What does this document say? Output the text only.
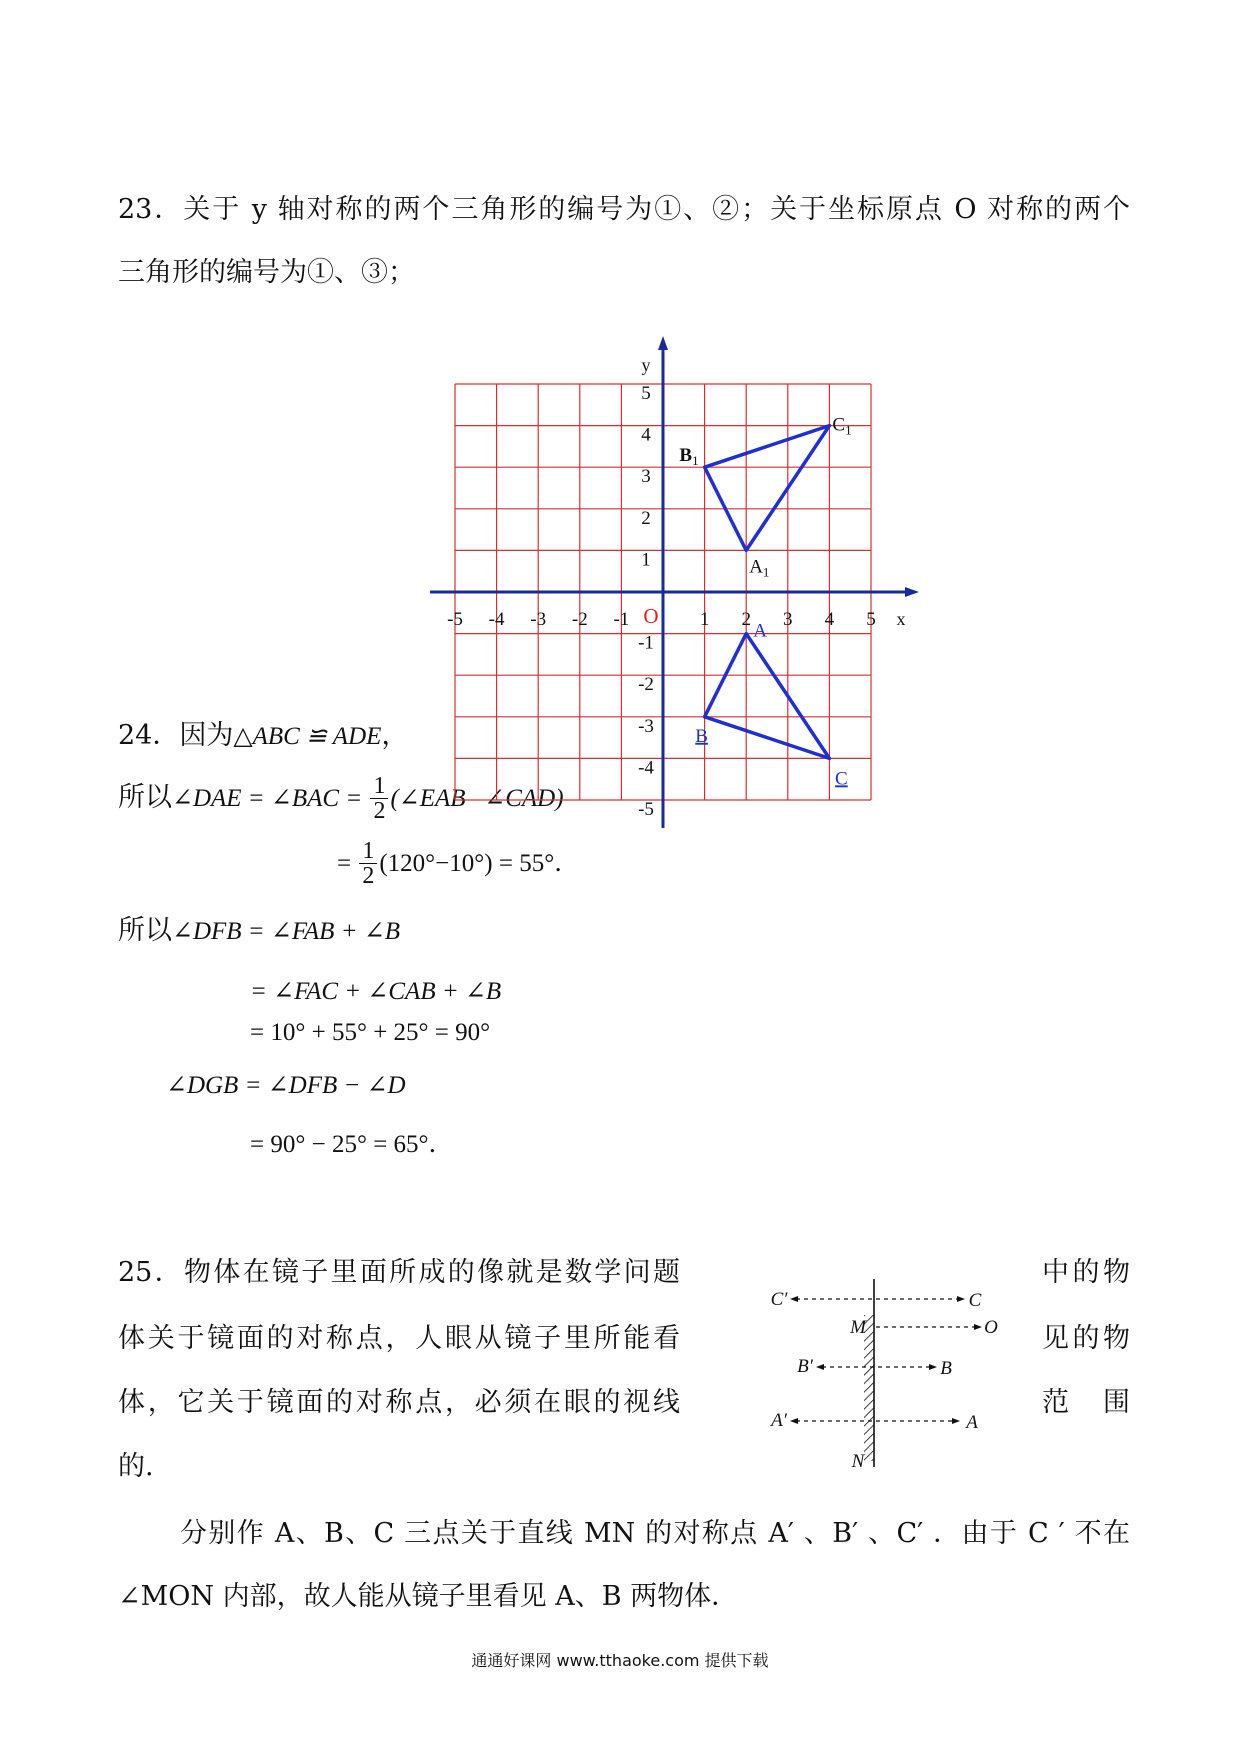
23．关于 y 轴对称的两个三角形的编号为①、②；关于坐标原点 O 对称的两个
三角形的编号为①、③；
24．因为△ABC ≌ ADE，
所以∠DAE = ∠BAC = $\frac{1}{2}$ (∠EAB   ∠CAD)
= $\frac{1}{2} (120^\circ-10^\circ) = 55^\circ$．
所以∠DFB = ∠FAB + ∠B
= ∠FAC + ∠CAB + ∠B
= 10° + 55° + 25° = 90°
∠DGB = ∠DFB − ∠D
= 90° − 25° = 65°．
-5 -4 -3 -2 -1	1 2 3 4 5
5
4
3
2
1
-1
-2
-3
-4
-5
y
x
O
$A_1$
$B_1$
$C_1$
A
B
C
25．物体在镜子里面所成的像就是数学问题	中的物
体关于镜面的对称点，人眼从镜子里所能看	见的物
体，它关于镜面的对称点，必须在眼的视线	范　围
的.
分别作 A、B、C 三点关于直线 MN 的对称点 A′ 、B′ 、C′ ．由于 C ′ 不在
∠MON 内部，故人能从镜子里看见 A、B 两物体．
C′	C
M	O
B′	B
A′	A
N
通通好课网 www.tthaoke.com 提供下载
